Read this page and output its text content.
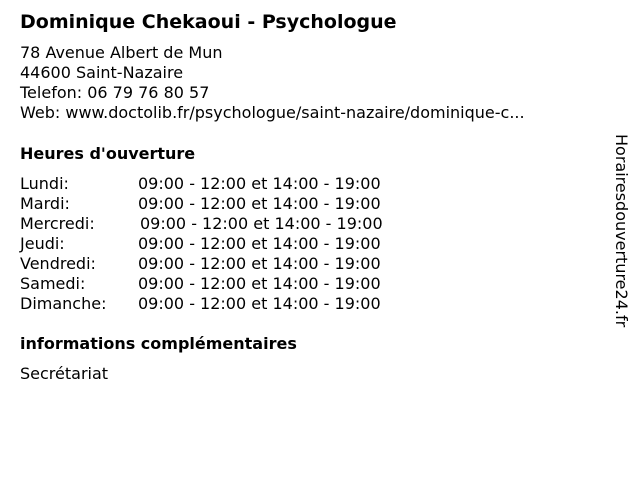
Dominique Chekaoui - Psychologue
78 Avenue Albert de Mun
44600 Saint-Nazaire
Telefon: 06 79 76 80 57
Web: www.doctolib.fr/psychologue/saint-nazaire/dominique-c...
Heures d'ouverture
Lundi:	09:00 - 12:00 et 14:00 - 19:00
Mardi:	09:00 - 12:00 et 14:00 - 19:00
Mercredi:	09:00 - 12:00 et 14:00 - 19:00
Jeudi:	09:00 - 12:00 et 14:00 - 19:00
Vendredi:	09:00 - 12:00 et 14:00 - 19:00
Samedi:	09:00 - 12:00 et 14:00 - 19:00
Dimanche: 09:00 - 12:00 et 14:00 - 19:00
informations complémentaires
Secrétariat
Horairesdouverture24.fr
